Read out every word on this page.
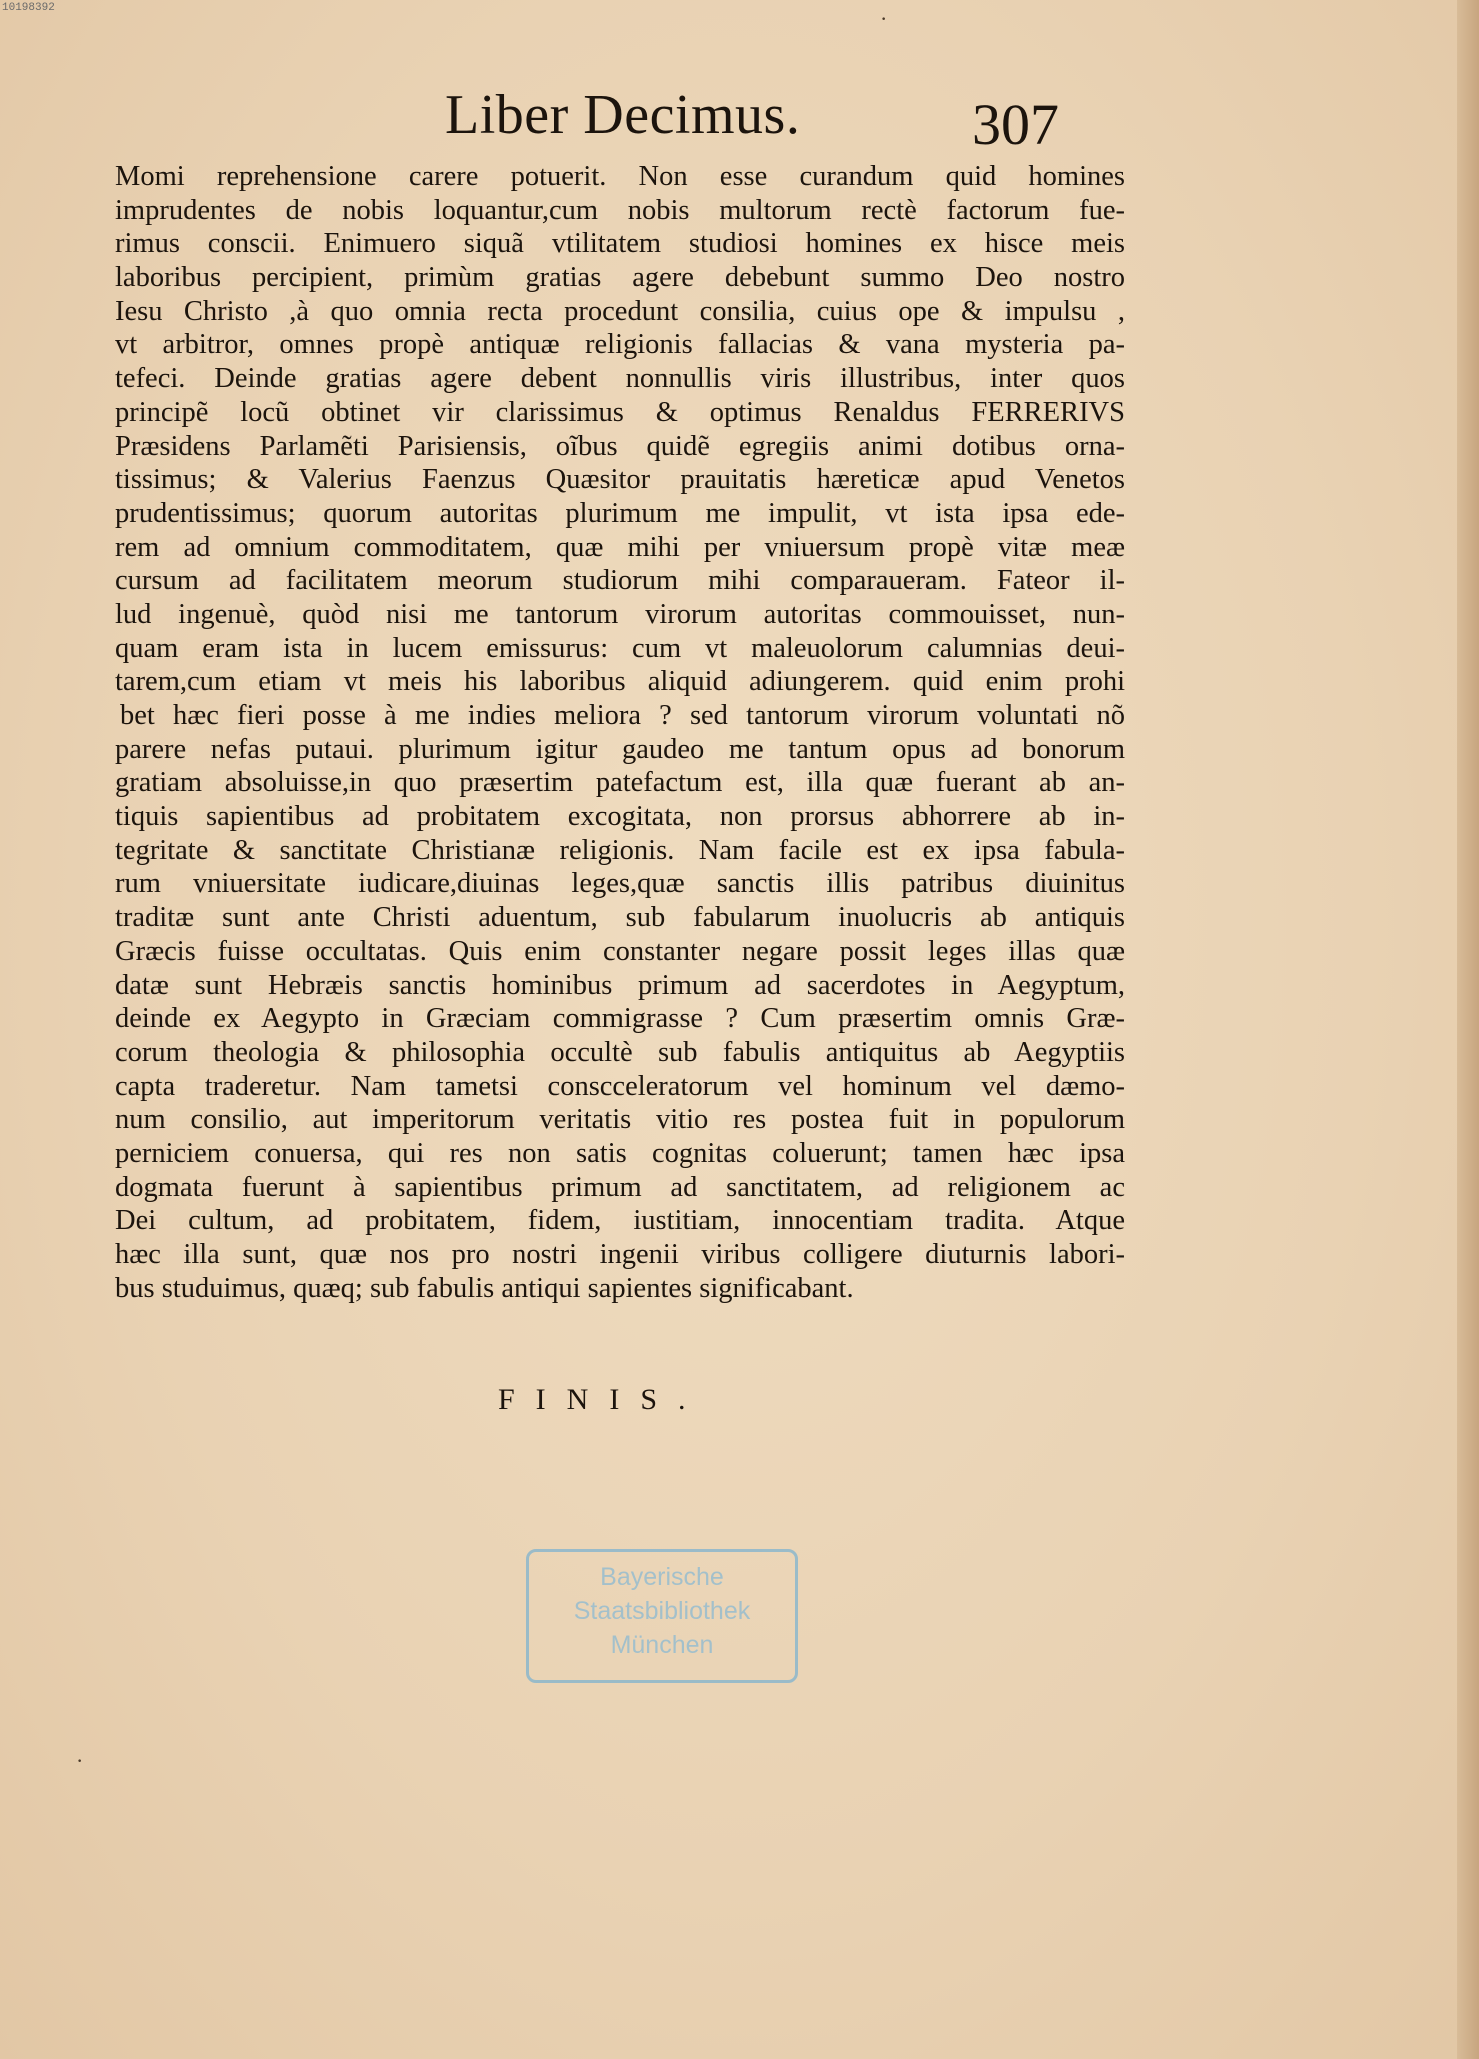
10198392
Liber Decimus.	307
Momi reprehensione carere potuerit. Non esse curandum quid homines
imprudentes de nobis loquantur,cum nobis multorum rectè factorum fue-
rimus conscii. Enimuero siquã vtilitatem studiosi homines ex hisce meis
laboribus percipient, primùm gratias agere debebunt summo Deo nostro
Iesu Christo ,à quo omnia recta procedunt consilia, cuius ope & impulsu ,
vt arbitror, omnes propè antiquæ religionis fallacias & vana mysteria pa-
tefeci. Deinde gratias agere debent nonnullis viris illustribus, inter quos
principẽ locũ obtinet vir clarissimus & optimus Renaldus FERRERIVS
Præsidens Parlamẽti Parisiensis, oĩbus quidẽ egregiis animi dotibus orna-
tissimus; & Valerius Faenzus Quæsitor prauitatis hæreticæ apud Venetos
prudentissimus; quorum autoritas plurimum me impulit, vt ista ipsa ede-
rem ad omnium commoditatem, quæ mihi per vniuersum propè vitæ meæ
cursum ad facilitatem meorum studiorum mihi comparaueram. Fateor il-
lud ingenuè, quòd nisi me tantorum virorum autoritas commouisset, nun-
quam eram ista in lucem emissurus: cum vt maleuolorum calumnias deui-
tarem,cum etiam vt meis his laboribus aliquid adiungerem. quid enim prohi
bet hæc fieri posse à me indies meliora ? sed tantorum virorum voluntati nõ
parere nefas putaui. plurimum igitur gaudeo me tantum opus ad bonorum
gratiam absoluisse,in quo præsertim patefactum est, illa quæ fuerant ab an-
tiquis sapientibus ad probitatem excogitata, non prorsus abhorrere ab in-
tegritate & sanctitate Christianæ religionis. Nam facile est ex ipsa fabula-
rum vniuersitate iudicare,diuinas leges,quæ sanctis illis patribus diuinitus
traditæ sunt ante Christi aduentum, sub fabularum inuolucris ab antiquis
Græcis fuisse occultatas. Quis enim constanter negare possit leges illas quæ
datæ sunt Hebræis sanctis hominibus primum ad sacerdotes in Aegyptum,
deinde ex Aegypto in Græciam commigrasse ? Cum præsertim omnis Græ-
corum theologia & philosophia occultè sub fabulis antiquitus ab Aegyptiis
capta traderetur. Nam tametsi conscceleratorum vel hominum vel dæmo-
num consilio, aut imperitorum veritatis vitio res postea fuit in populorum
perniciem conuersa, qui res non satis cognitas coluerunt; tamen hæc ipsa
dogmata fuerunt à sapientibus primum ad sanctitatem, ad religionem ac
Dei cultum, ad probitatem, fidem, iustitiam, innocentiam tradita. Atque
hæc illa sunt, quæ nos pro nostri ingenii viribus colligere diuturnis labori-
bus studuimus, quæq; sub fabulis antiqui sapientes significabant.
FINIS.
Bayerische
Staatsbibliothek
München
·
·
